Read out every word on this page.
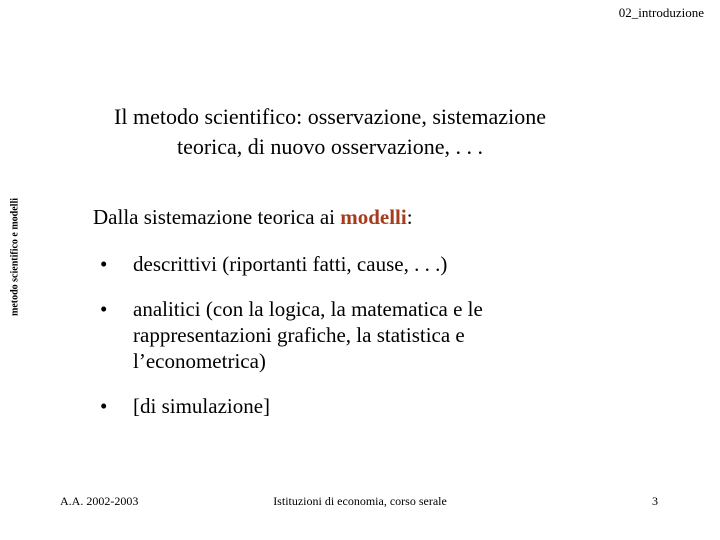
02_introduzione
Il metodo scientifico: osservazione, sistemazione
teorica, di nuovo osservazione, . . .
metodo scientifico e modelli	Dalla sistemazione teorica ai modelli:

•	descrittivi (riportanti fatti, cause, . . .)
•	analitici (con la logica, la matematica e le rappresentazioni grafiche, la statistica e l’econometrica)
•	[di simulazione]
A.A. 2002-2003	Istituzioni di economia, corso serale	3
